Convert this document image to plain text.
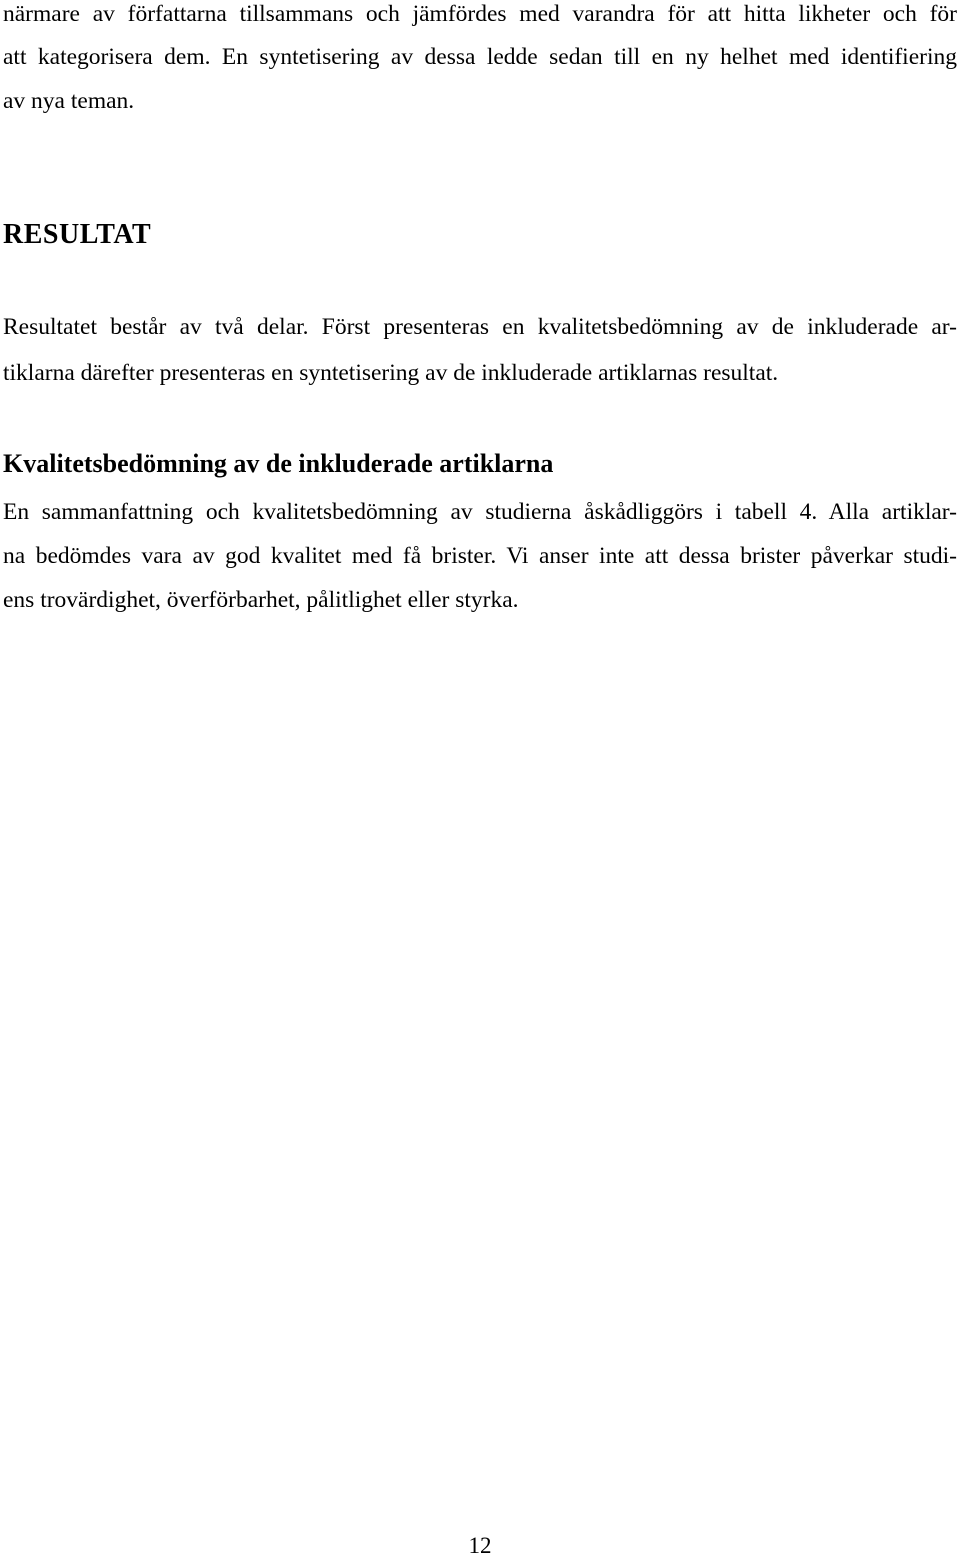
närmare av författarna tillsammans och jämfördes med varandra för att hitta likheter och för

att kategorisera dem. En syntetisering av dessa ledde sedan till en ny helhet med identifiering

av nya teman.

RESULTAT

Resultatet består av två delar. Först presenteras en kvalitetsbedömning av de inkluderade ar-

tiklarna därefter presenteras en syntetisering av de inkluderade artiklarnas resultat.

Kvalitetsbedömning av de inkluderade artiklarna

En sammanfattning och kvalitetsbedömning av studierna åskådliggörs i tabell 4. Alla artiklar-

na bedömdes vara av god kvalitet med få brister. Vi anser inte att dessa brister påverkar studi-

ens trovärdighet, överförbarhet, pålitlighet eller styrka.

12
